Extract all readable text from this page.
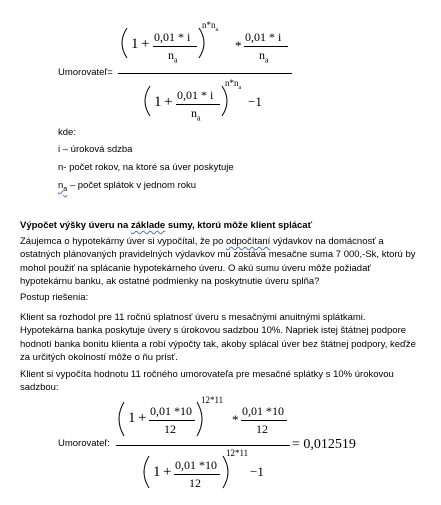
Umorovateľ=
1 + 0,01 * i
$n_a$
$n*n_a$
*
0,01 * i
$n_a$
1 + 0,01 * i
$n_a$
$n*n_a$
−1
kde:
i – úroková sdzba
n- počet rokov, na ktoré sa úver poskytuje
$n_a$ – počet splátok v jednom roku
Výpočet výšky úveru na základe sumy, ktorú môže klient splácať
Záujemca o hypotekárny úver si vypočítal, že po odpočítaní výdavkov na domácnosť a ostatných plánovaných pravidelných výdavkov mu zostáva mesačne suma 7 000,-Sk, ktorú by mohol použiť na splácanie hypotekárneho úveru. O akú sumu úveru môže požiadať hypotekárnu banku, ak ostatné podmienky na poskytnutie úveru splňa?
Postup riešenia:
Klient sa rozhodol pre 11 ročnú splatnosť úveru s mesačnými anuitnými splátkami. Hypotekárna banka poskytuje úvery s úrokovou sadzbou 10%. Napriek istej štátnej podpore hodnotí banka bonitu klienta a robí výpočty tak, akoby splácal úver bez štátnej podpory, keďže za určitých okolností môže o ňu prísť.
Klient si vypočíta hodnotu 11 ročného umorovateľa pre mesačné splátky s 10% úrokovou sadzbou:
Umorovateľ:
1 + 0,01 *10
12
12*11
*
0,01 *10
12
= 0,012519
1 + 0,01 *10
12
12*11
−1
